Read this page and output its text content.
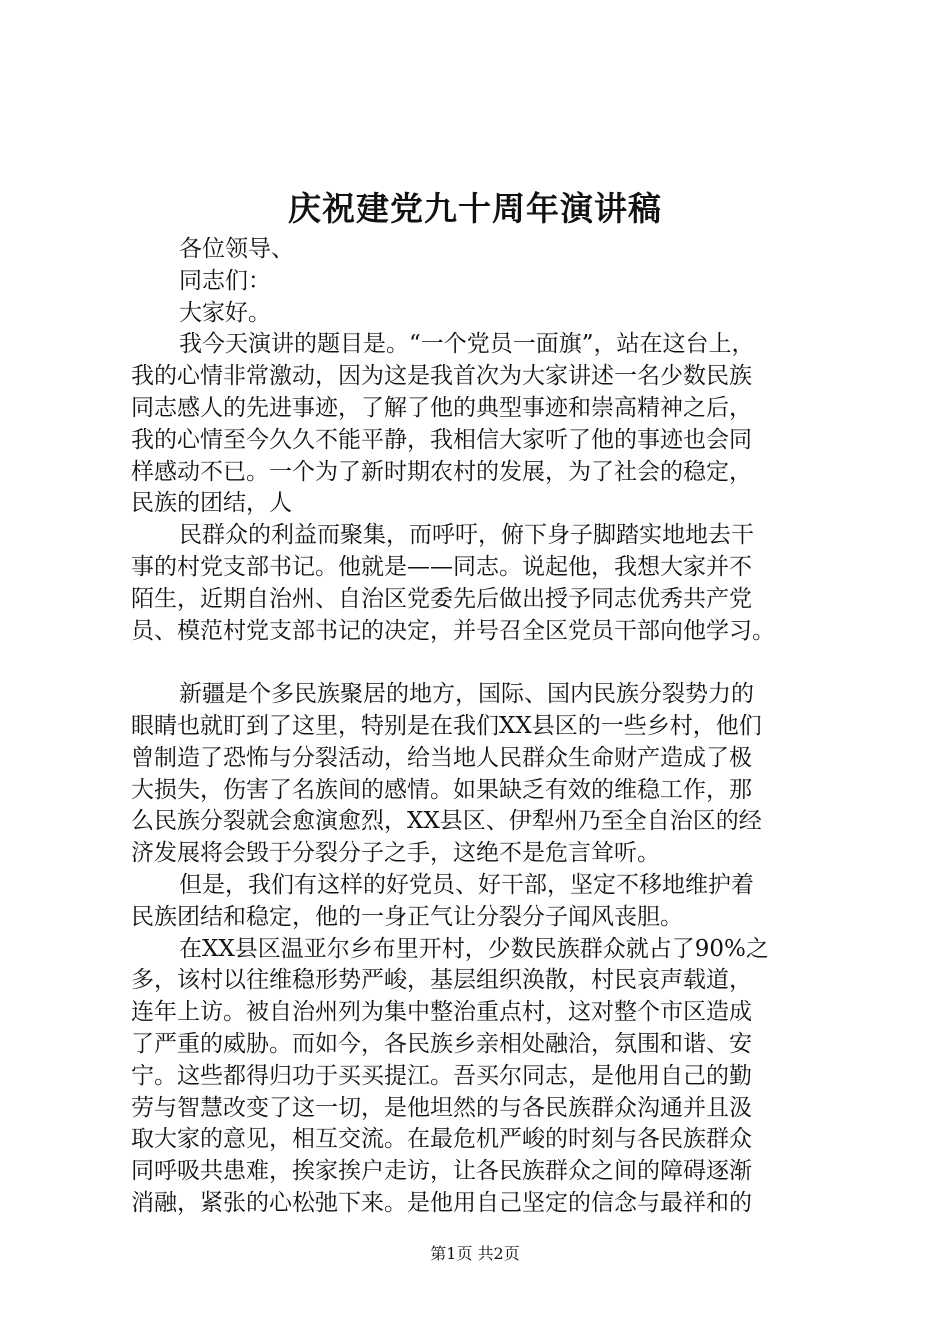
庆祝建党九十周年演讲稿
各位领导、
同志们：
大家好。
我今天演讲的题目是。“一个党员一面旗”，站在这台上，
我的心情非常激动，因为这是我首次为大家讲述一名少数民族
同志感人的先进事迹，了解了他的典型事迹和崇高精神之后，
我的心情至今久久不能平静，我相信大家听了他的事迹也会同
样感动不已。一个为了新时期农村的发展，为了社会的稳定，
民族的团结，人
民群众的利益而聚集，而呼吁，俯下身子脚踏实地地去干
事的村党支部书记。他就是——同志。说起他，我想大家并不
陌生，近期自治州、自治区党委先后做出授予同志优秀共产党
员、模范村党支部书记的决定，并号召全区党员干部向他学习。
新疆是个多民族聚居的地方，国际、国内民族分裂势力的
眼睛也就盯到了这里，特别是在我们XX县区的一些乡村，他们
曾制造了恐怖与分裂活动，给当地人民群众生命财产造成了极
大损失，伤害了名族间的感情。如果缺乏有效的维稳工作，那
么民族分裂就会愈演愈烈，XX县区、伊犁州乃至全自治区的经
济发展将会毁于分裂分子之手，这绝不是危言耸听。
但是，我们有这样的好党员、好干部，坚定不移地维护着
民族团结和稳定，他的一身正气让分裂分子闻风丧胆。
在XX县区温亚尔乡布里开村，少数民族群众就占了90%之
多，该村以往维稳形势严峻，基层组织涣散，村民哀声载道，
连年上访。被自治州列为集中整治重点村，这对整个市区造成
了严重的威胁。而如今，各民族乡亲相处融洽，氛围和谐、安
宁。这些都得归功于买买提江。吾买尔同志，是他用自己的勤
劳与智慧改变了这一切，是他坦然的与各民族群众沟通并且汲
取大家的意见，相互交流。在最危机严峻的时刻与各民族群众
同呼吸共患难，挨家挨户走访，让各民族群众之间的障碍逐渐
消融，紧张的心松弛下来。是他用自己坚定的信念与最祥和的
第1页 共2页
